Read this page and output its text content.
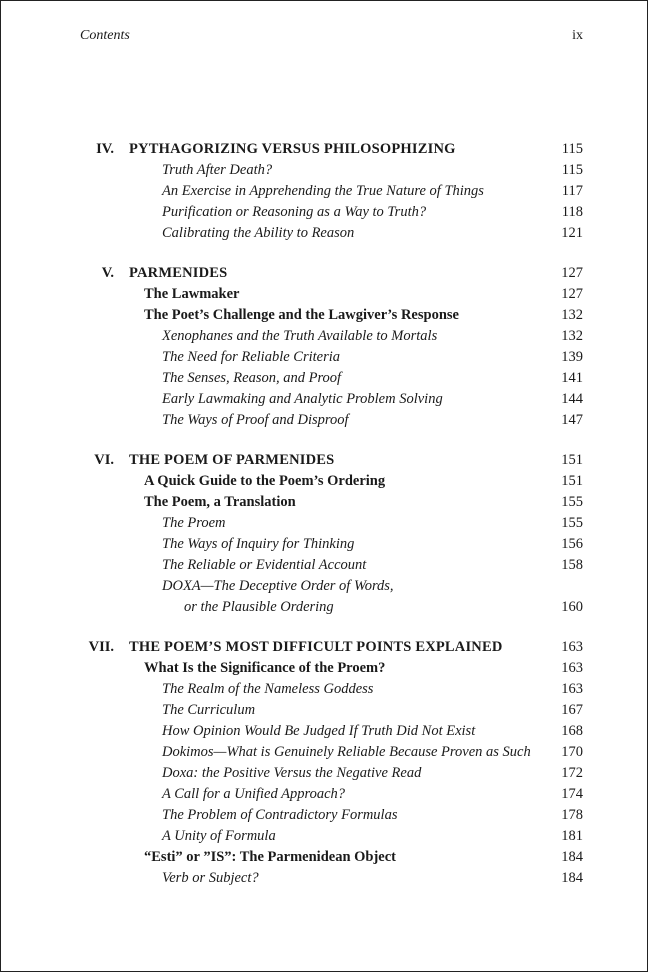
Contents	ix
IV. PYTHAGORIZING VERSUS PHILOSOPHIZING	115
Truth After Death?	115
An Exercise in Apprehending the True Nature of Things	117
Purification or Reasoning as a Way to Truth?	118
Calibrating the Ability to Reason	121
V. PARMENIDES	127
The Lawmaker	127
The Poet’s Challenge and the Lawgiver’s Response	132
Xenophanes and the Truth Available to Mortals	132
The Need for Reliable Criteria	139
The Senses, Reason, and Proof	141
Early Lawmaking and Analytic Problem Solving	144
The Ways of Proof and Disproof	147
VI. THE POEM OF PARMENIDES	151
A Quick Guide to the Poem’s Ordering	151
The Poem, a Translation	155
The Proem	155
The Ways of Inquiry for Thinking	156
The Reliable or Evidential Account	158
DOXA—The Deceptive Order of Words,
or the Plausible Ordering	160
VII. THE POEM’S MOST DIFFICULT POINTS EXPLAINED	163
What Is the Significance of the Proem?	163
The Realm of the Nameless Goddess	163
The Curriculum	167
How Opinion Would Be Judged If Truth Did Not Exist	168
Dokimos—What is Genuinely Reliable Because Proven as Such 170
Doxa: the Positive Versus the Negative Read	172
A Call for a Unified Approach?	174
The Problem of Contradictory Formulas	178
A Unity of Formula	181
“Esti” or ”IS”: The Parmenidean Object	184
Verb or Subject?	184
